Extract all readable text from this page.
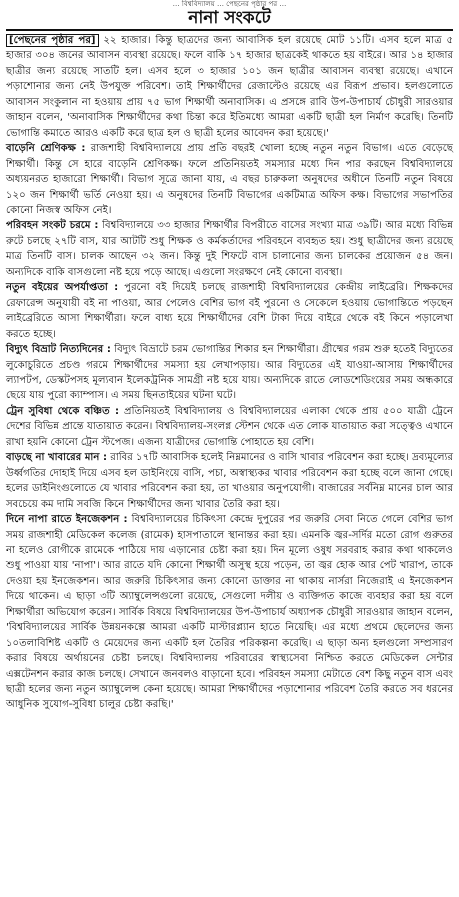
… বিশ্ববিদ্যালয় … পেছনের পৃষ্ঠার পর …
নানা সংকটে

[পেছনের পৃষ্ঠার পর] ২২ হাজার। কিন্তু ছাত্রদের জন্য আবাসিক হল রয়েছে মোট ১১টি। এসব হলে মাত্র ৫ হাজার ৩০৪ জনের আবাসন ব্যবস্থা রয়েছে। ফলে বাকি ১৭ হাজার ছাত্রকেই থাকতে হয় বাইরে। আর ১৪ হাজার ছাত্রীর জন্য রয়েছে সাতটি হল। এসব হলে ৩ হাজার ১০১ জন ছাত্রীর আবাসন ব্যবস্থা রয়েছে। এখানে পড়াশোনার জন্য নেই উপযুক্ত পরিবেশ। তাই শিক্ষার্থীদের রেজাল্টেও রয়েছে এর বিরূপ প্রভাব। হলগুলোতে আবাসন সংকুলান না হওয়ায় প্রায় ৭৫ ভাগ শিক্ষার্থী অনাবাসিক। এ প্রসঙ্গে রাবি উপ-উপাচার্য চৌধুরী সারওয়ার জাহান বলেন, 'অনাবাসিক শিক্ষার্থীদের কথা চিন্তা করে ইতিমধ্যে আমরা একটি ছাত্রী হল নির্মাণ করেছি। তিনটি ভোগান্তি কমাতে আরও একটি করে ছাত্র হল ও ছাত্রী হলের আবেদন করা হয়েছে।'

বাড়েনি শ্রেণিকক্ষ : রাজশাহী বিশ্ববিদ্যালয়ে প্রায় প্রতি বছরই খোলা হচ্ছে নতুন নতুন বিভাগ। এতে বেড়েছে শিক্ষার্থী। কিন্তু সে হারে বাড়েনি শ্রেণিকক্ষ। ফলে প্রতিনিয়তই সমস্যার মধ্যে দিন পার করছেন বিশ্ববিদ্যালয়ে অধ্যয়নরত হাজারো শিক্ষার্থী। বিভাগ সূত্রে জানা যায়, এ বছর চারুকলা অনুষদের অধীনে তিনটি নতুন বিষয়ে ১২০ জন শিক্ষার্থী ভর্তি নেওয়া হয়। এ অনুষদের তিনটি বিভাগের একটিমাত্র অফিস কক্ষ। বিভাগের সভাপতির কোনো নিজস্ব অফিস নেই।

পরিবহন সংকট চরমে : বিশ্ববিদ্যালয়ে ৩৩ হাজার শিক্ষার্থীর বিপরীতে বাসের সংখ্যা মাত্র ৩৯টি। আর মধ্যে বিভিন্ন রুটে চলছে ২৭টি বাস, যার আটটি শুধু শিক্ষক ও কর্মকর্তাদের পরিবহনে ব্যবহৃত হয়। শুধু ছাত্রীদের জন্য রয়েছে মাত্র তিনটি বাস। চালক আছেন ৩২ জন। কিন্তু দুই শিফটে বাস চালানোর জন্য চালকের প্রয়োজন ৫৪ জন। অন্যদিকে বাকি বাসগুলো নষ্ট হয়ে পড়ে আছে। এগুলো সংরক্ষণে নেই কোনো ব্যবস্থা।

নতুন বইয়ের অপর্যাপ্ততা : পুরনো বই দিয়েই চলছে রাজশাহী বিশ্ববিদ্যালয়ের কেন্দ্রীয় লাইব্রেরি। শিক্ষকদের রেফারেন্স অনুযায়ী বই না পাওয়া, আর পেলেও বেশির ভাগ বই পুরনো ও সেকেলে হওয়ায় ভোগান্তিতে পড়ছেন লাইব্রেরিতে আসা শিক্ষার্থীরা। ফলে বাধ্য হয়ে শিক্ষার্থীদের বেশি টাকা দিয়ে বাইরে থেকে বই কিনে পড়ালেখা করতে হচ্ছে।

বিদ্যুৎ বিভ্রাট নিত্যদিনের : বিদ্যুৎ বিভ্রাটে চরম ভোগান্তির শিকার হন শিক্ষার্থীরা। গ্রীষ্মের গরম শুরু হতেই বিদ্যুতের লুকোচুরিতে প্রচণ্ড গরমে শিক্ষার্থীদের সমস্যা হয় লেখাপড়ায়। আর বিদ্যুতের এই যাওয়া-আসায় শিক্ষার্থীদের ল্যাপটপ, ডেস্কটপসহ মূল্যবান ইলেকট্রনিক সামগ্রী নষ্ট হয়ে যায়। অন্যদিকে রাতে লোডশেডিংয়ের সময় অন্ধকারে ছেয়ে যায় পুরো ক্যাম্পাস। এ সময় ছিনতাইয়ের ঘটনা ঘটে।

ট্রেন সুবিধা থেকে বঞ্চিত : প্রতিনিয়তই বিশ্ববিদ্যালয় ও বিশ্ববিদ্যালয়ের এলাকা থেকে প্রায় ৫০০ যাত্রী ট্রেনে দেশের বিভিন্ন প্রান্তে যাতায়াত করেন। বিশ্ববিদ্যালয়-সংলগ্ন স্টেশন থেকে এত লোক যাতায়াত করা সত্ত্বেও এখানে রাখা হয়নি কোনো ট্রেন স্টপেজ। এজন্য যাত্রীদের ভোগান্তি পোহাতে হয় বেশি।

বাড়ছে না খাবারের মান : রাবির ১৭টি আবাসিক হলেই নিম্নমানের ও বাসি খাবার পরিবেশন করা হচ্ছে। দ্রব্যমূল্যের উর্ধ্বগতির দোহাই দিয়ে এসব হল ডাইনিংয়ে বাসি, পচা, অস্বাস্থ্যকর খাবার পরিবেশন করা হচ্ছে বলে জানা গেছে। হলের ডাইনিংগুলোতে যে খাবার পরিবেশন করা হয়, তা খাওয়ার অনুপযোগী। বাজারের সর্বনিম্ন মানের চাল আর সবচেয়ে কম দামি সবজি কিনে শিক্ষার্থীদের জন্য খাবার তৈরি করা হয়।

দিনে নাপা রাতে ইনজেকশন : বিশ্ববিদ্যালয়ের চিকিৎসা কেন্দ্রে দুপুরের পর জরুরি সেবা নিতে গেলে বেশির ভাগ সময় রাজশাহী মেডিকেল কলেজ (রামেক) হাসপাতালে স্থানান্তর করা হয়। এমনকি জ্বর-সর্দির মতো রোগ গুরুতর না হলেও রোগীকে রামেকে পাঠিয়ে দায় এড়ানোর চেষ্টা করা হয়। দিন মূল্যে ওষুধ সরবরাহ করার কথা থাকলেও শুধু পাওয়া যায় 'নাপা'। আর রাতে যদি কোনো শিক্ষার্থী অসুস্থ হয়ে পড়েন, তা জ্বর হোক আর পেট খারাপ, তাকে দেওয়া হয় ইনজেকশন। আর জরুরি চিকিৎসার জন্য কোনো ডাক্তার না থাকায় নার্সরা নিজেরাই এ ইনজেকশন দিয়ে থাকেন। এ ছাড়া ৩টি অ্যাম্বুলেন্সগুলো রয়েছে, সেগুলো দলীয় ও ব্যক্তিগত কাজে ব্যবহার করা হয় বলে শিক্ষার্থীরা অভিযোগ করেন। সার্বিক বিষয়ে বিশ্ববিদ্যালয়ের উপ-উপাচার্য অধ্যাপক চৌধুরী সারওয়ার জাহান বলেন, 'বিশ্ববিদ্যালয়ের সার্বিক উন্নয়নকল্পে আমরা একটি মাস্টারপ্ল্যান হাতে নিয়েছি। এর মধ্যে প্রথমে ছেলেদের জন্য ১০তলাবিশিষ্ট একটি ও মেয়েদের জন্য একটি হল তৈরির পরিকল্পনা করেছি। এ ছাড়া অন্য হলগুলো সম্প্রসারণ করার বিষয়ে অর্থায়নের চেষ্টা চলছে। বিশ্ববিদ্যালয় পরিবারের স্বাস্থ্যসেবা নিশ্চিত করতে মেডিকেল সেন্টার এক্সটেনশন করার কাজ চলছে। সেখানে জনবলও বাড়ানো হবে। পরিবহন সমস্যা মেটাতে বেশ কিছু নতুন বাস এবং ছাত্রী হলের জন্য নতুন অ্যাম্বুলেন্স কেনা হয়েছে। আমরা শিক্ষার্থীদের পড়াশোনার পরিবেশ তৈরি করতে সব ধরনের আধুনিক সুযোগ-সুবিধা চালুর চেষ্টা করছি।'
